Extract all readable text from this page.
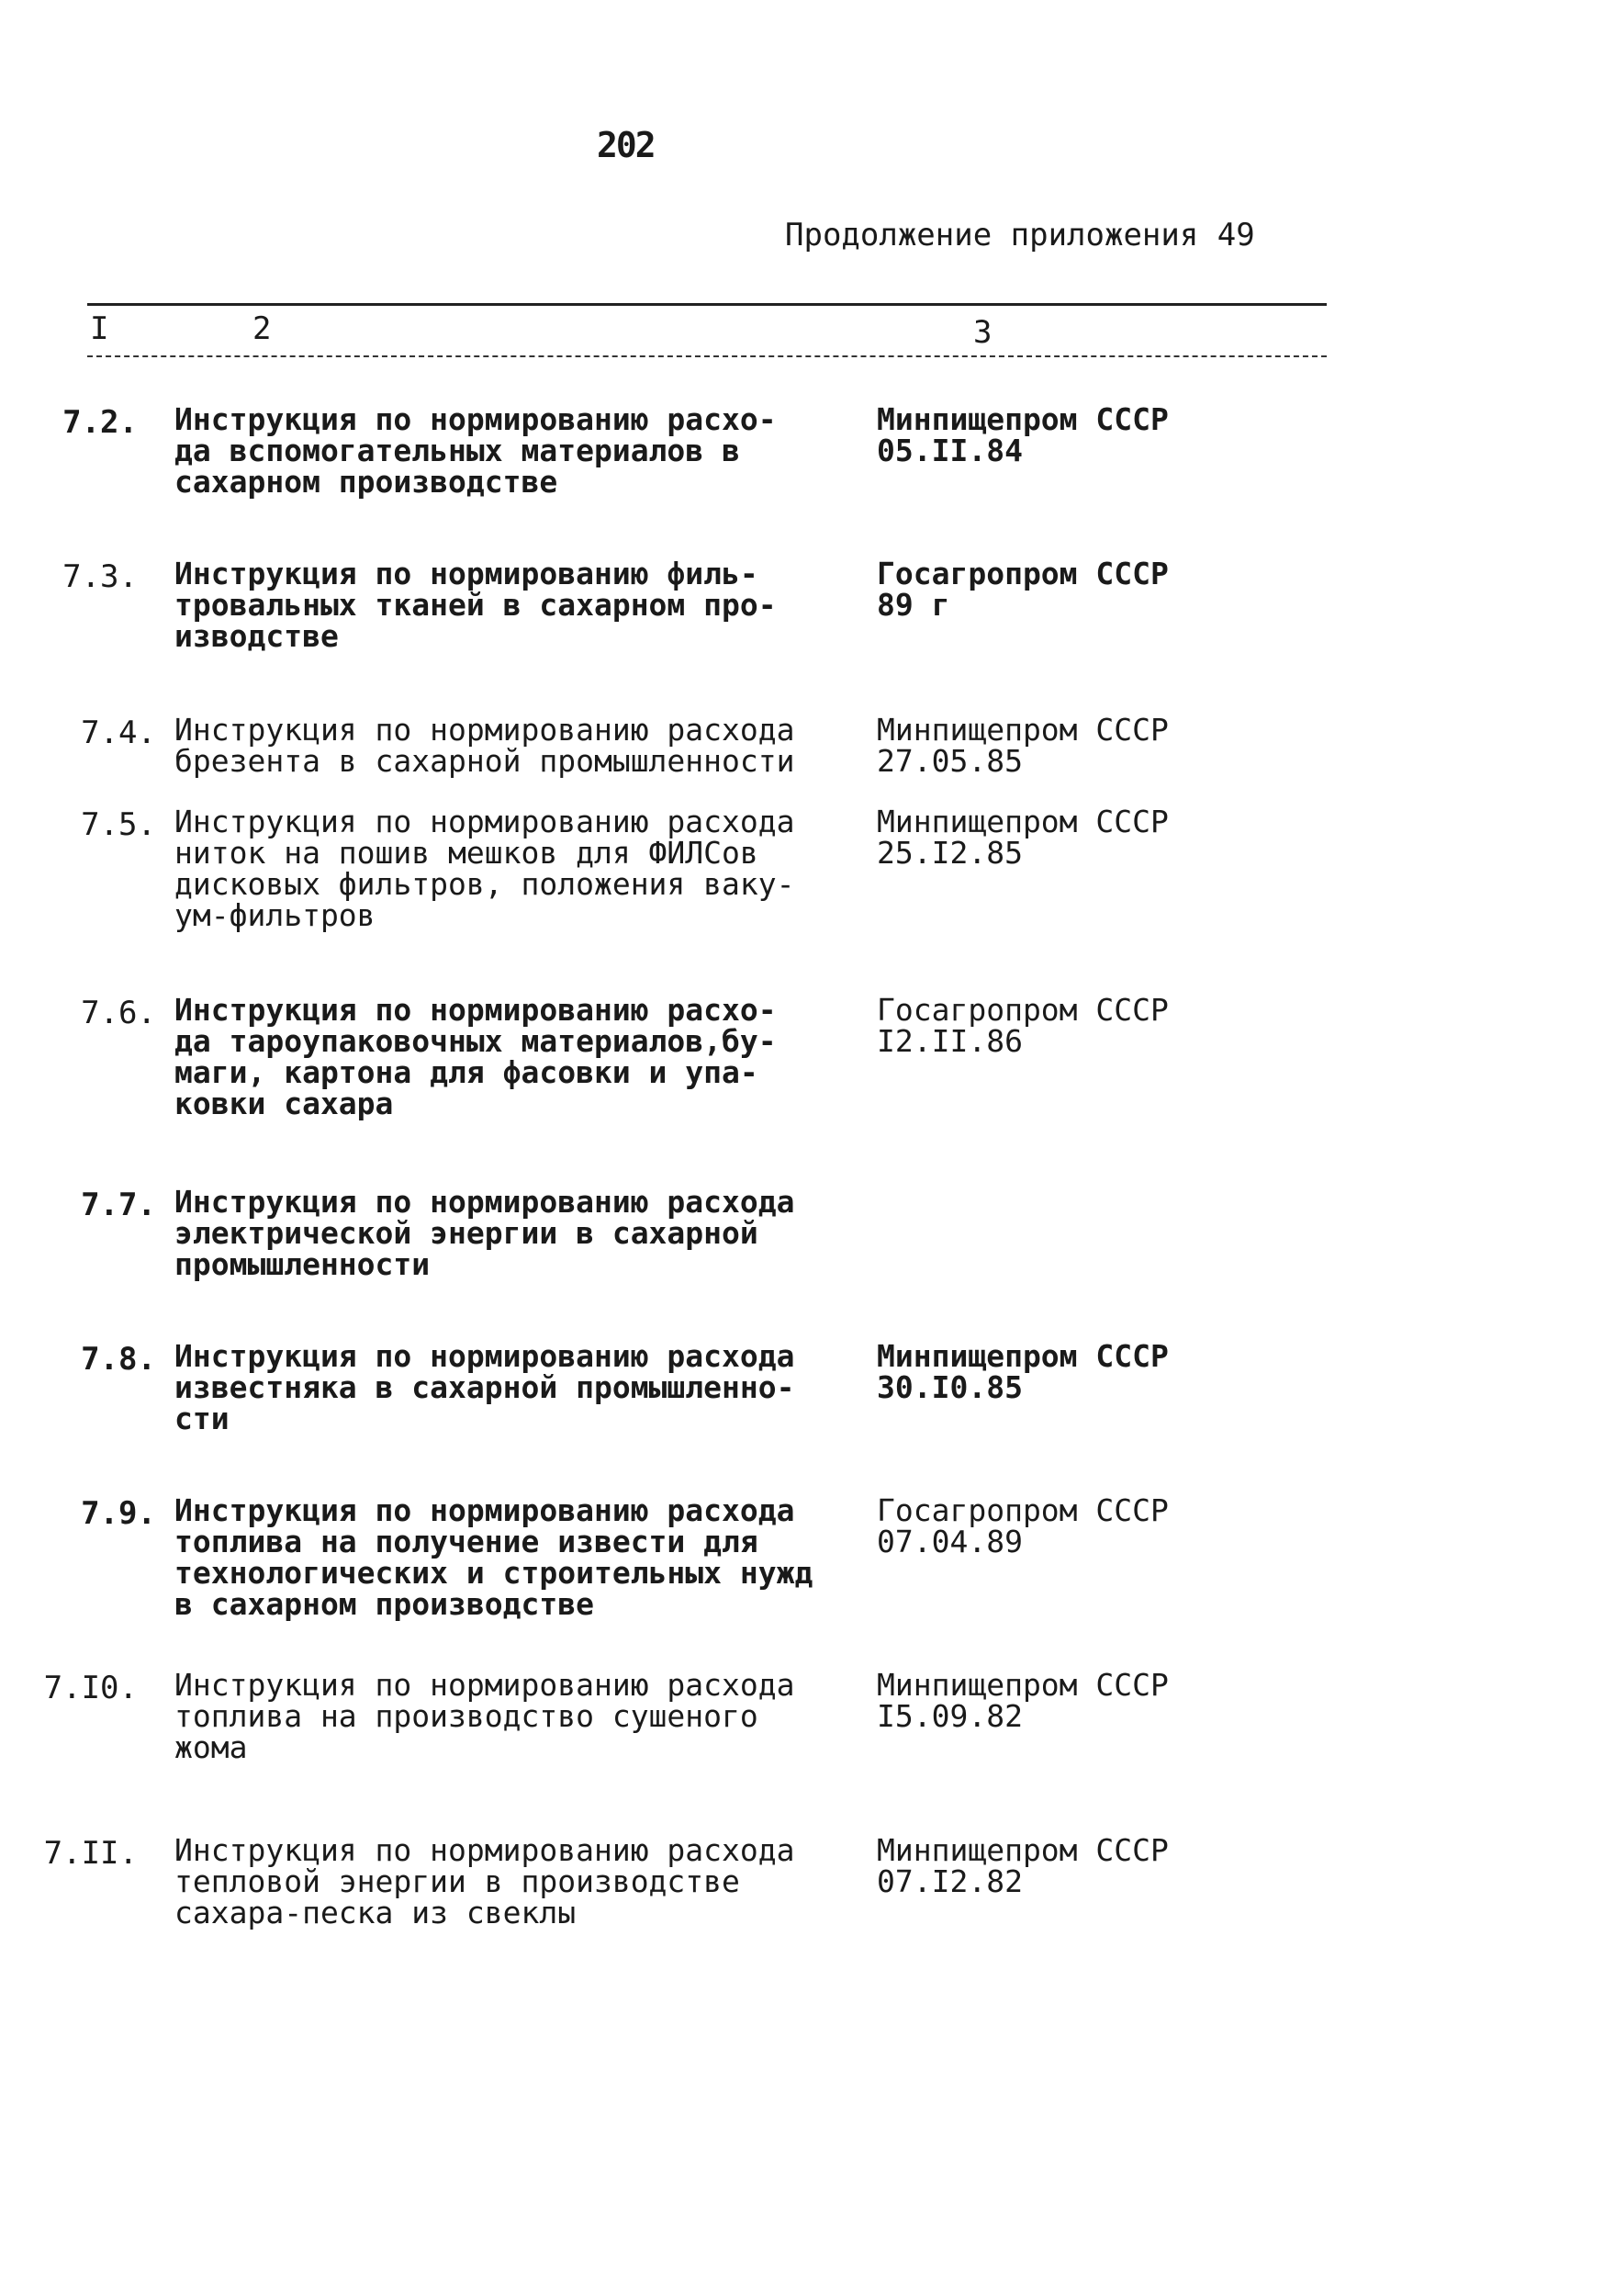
202
Продолжение приложения 49
I	2	3
7.2. Инструкция по нормированию расхо-
да вспомогательных материалов в
сахарном производстве
Минпищепром СССР
05.II.84
7.3. Инструкция по нормированию филь-
тровальных тканей в сахарном про-
изводстве
Госагропром СССР
89 г
7.4. Инструкция по нормированию расхода
брезента в сахарной промышленности
Минпищепром СССР
27.05.85
7.5. Инструкция по нормированию расхода
ниток на пошив мешков для ФИЛСов
дисковых фильтров, положения ваку-
ум-фильтров
Минпищепром СССР
25.I2.85
7.6. Инструкция по нормированию расхо-
да тароупаковочных материалов,бу-
маги, картона для фасовки и упа-
ковки сахара
Госагропром СССР
I2.II.86
7.7. Инструкция по нормированию расхода
электрической энергии в сахарной
промышленности
7.8. Инструкция по нормированию расхода
известняка в сахарной промышленно-
сти
Минпищепром СССР
30.I0.85
7.9. Инструкция по нормированию расхода
топлива на получение извести для
технологических и строительных нужд
в сахарном производстве
Госагропром СССР
07.04.89
7.I0. Инструкция по нормированию расхода
топлива на производство сушеного
жома
Минпищепром СССР
I5.09.82
7.II. Инструкция по нормированию расхода
тепловой энергии в производстве
сахара-песка из свеклы
Минпищепром СССР
07.I2.82
